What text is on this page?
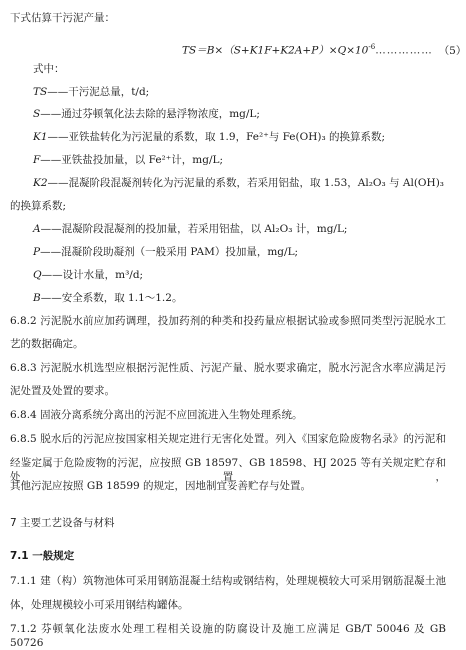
下式估算干污泥产量：
$TS=B\times(S+K1F+K2A+P)\times Q\times 10^{-6}\dots\dots\dots\dots\dots$ （5）
式中：
TS——干污泥总量，t/d;
S——通过芬顿氧化法去除的悬浮物浓度，mg/L;
K1——亚铁盐转化为污泥量的系数，取 1.9，Fe²⁺与 Fe(OH)₃ 的换算系数;
F——亚铁盐投加量，以 Fe²⁺计，mg/L;
K2——混凝阶段混凝剂转化为污泥量的系数，若采用铝盐，取 1.53，Al₂O₃ 与 Al(OH)₃
的换算系数;
A——混凝阶段混凝剂的投加量，若采用铝盐，以 Al₂O₃ 计，mg/L;
P——混凝阶段助凝剂（一般采用 PAM）投加量，mg/L;
Q——设计水量，m³/d;
B——安全系数，取 1.1～1.2。
6.8.2 污泥脱水前应加药调理，投加药剂的种类和投药量应根据试验或参照同类型污泥脱水工
艺的数据确定。
6.8.3 污泥脱水机选型应根据污泥性质、污泥产量、脱水要求确定，脱水污泥含水率应满足污
泥处置及处置的要求。
6.8.4 固液分离系统分离出的污泥不应回流进入生物处理系统。
6.8.5 脱水后的污泥应按国家相关规定进行无害化处置。列入《国家危险废物名录》的污泥和
经鉴定属于危险废物的污泥，应按照 GB 18597、GB 18598、HJ 2025 等有关规定贮存和处置，
其他污泥应按照 GB 18599 的规定，因地制宜妥善贮存与处置。
7 主要工艺设备与材料
7.1 一般规定
7.1.1 建（构）筑物池体可采用钢筋混凝土结构或钢结构，处理规模较大可采用钢筋混凝土池
体，处理规模较小可采用钢结构罐体。
7.1.2 芬顿氧化法废水处理工程相关设施的防腐设计及施工应满足 GB/T 50046 及 GB 50726
